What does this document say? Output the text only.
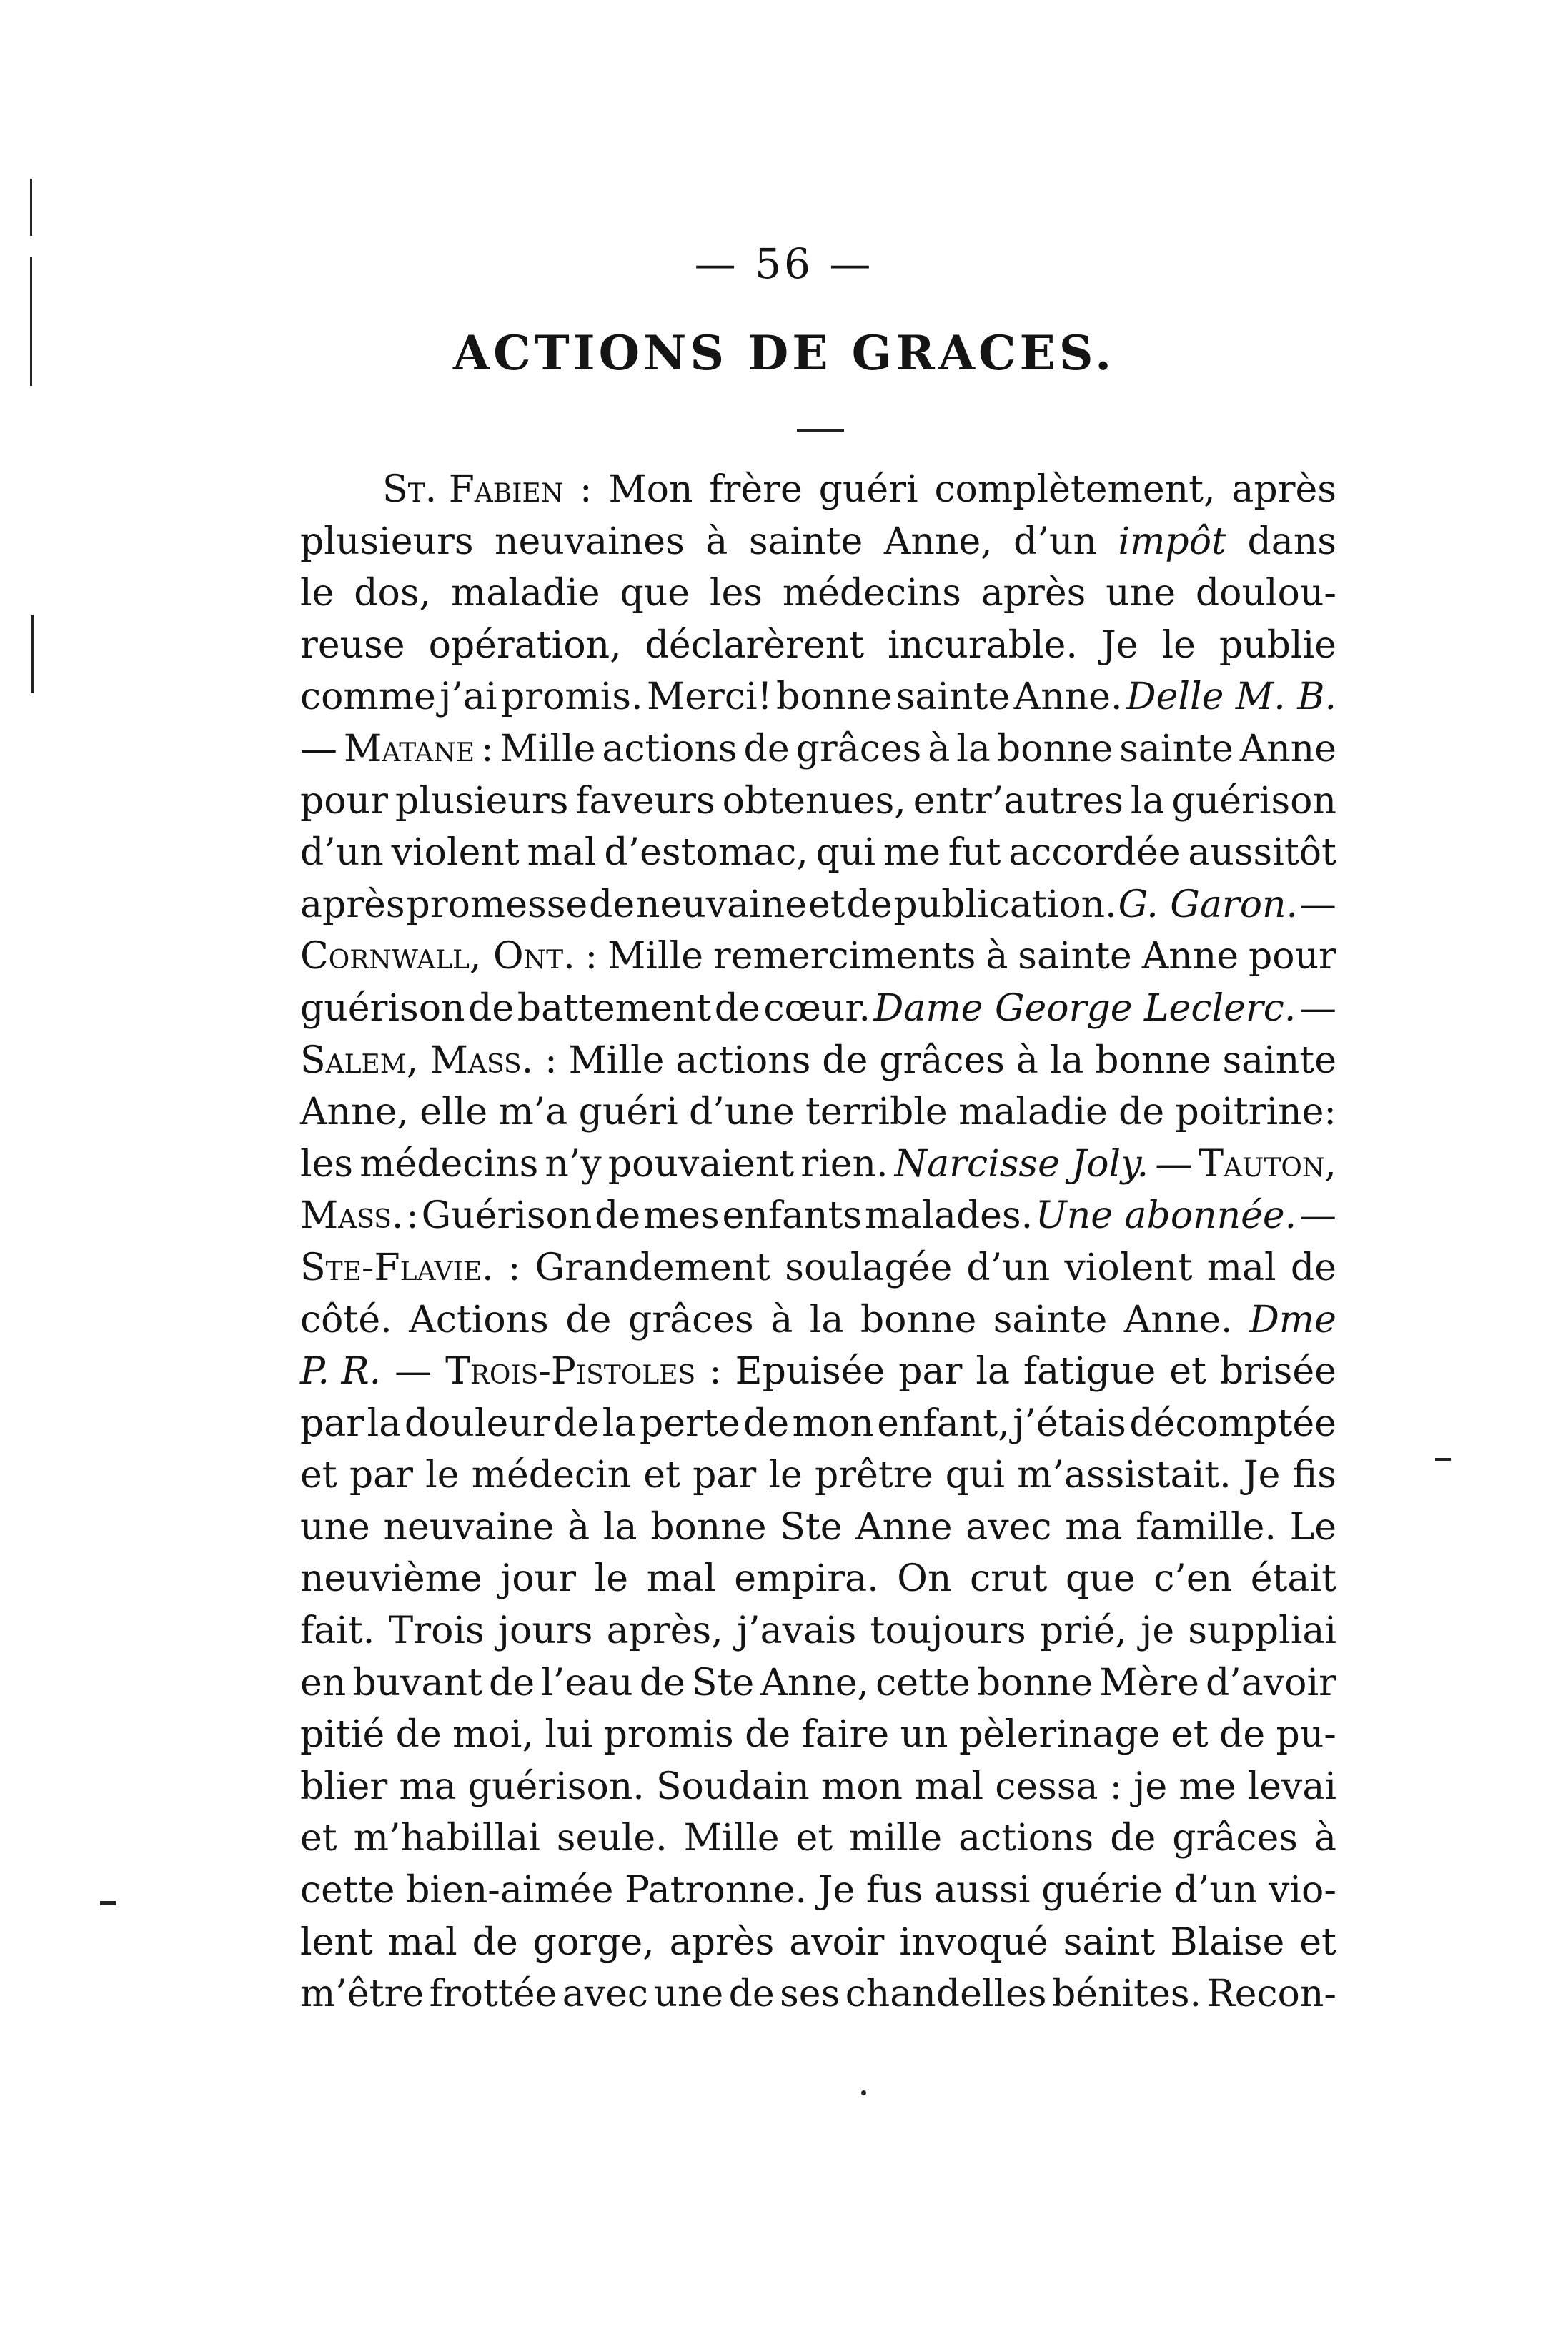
— 56 —
ACTIONS DE GRACES.
St. Fabien : Mon frère guéri complètement, après
plusieurs neuvaines à sainte Anne, d’un impôt dans
le dos, maladie que les médecins après une doulou-
reuse opération, déclarèrent incurable. Je le publie
comme j’ai promis. Merci! bonne sainte Anne. Delle M. B.
— Matane : Mille actions de grâces à la bonne sainte Anne
pour plusieurs faveurs obtenues, entr’autres la guérison
d’un violent mal d’estomac, qui me fut accordée aussitôt
après promesse de neuvaine et de publication. G. Garon. —
Cornwall, Ont. : Mille remerciments à sainte Anne pour
guérison de battement de cœur. Dame George Leclerc. —
Salem, Mass. : Mille actions de grâces à la bonne sainte
Anne, elle m’a guéri d’une terrible maladie de poitrine:
les médecins n’y pouvaient rien. Narcisse Joly. — Tauton,
Mass. : Guérison de mes enfants malades. Une abonnée. —
Ste-Flavie. : Grandement soulagée d’un violent mal de
côté. Actions de grâces à la bonne sainte Anne. Dme
P. R. — Trois-Pistoles : Epuisée par la fatigue et brisée
par la douleur de la perte de mon enfant, j’étais décomptée
et par le médecin et par le prêtre qui m’assistait. Je fis
une neuvaine à la bonne Ste Anne avec ma famille. Le
neuvième jour le mal empira. On crut que c’en était
fait. Trois jours après, j’avais toujours prié, je suppliai
en buvant de l’eau de Ste Anne, cette bonne Mère d’avoir
pitié de moi, lui promis de faire un pèlerinage et de pu-
blier ma guérison. Soudain mon mal cessa : je me levai
et m’habillai seule. Mille et mille actions de grâces à
cette bien-aimée Patronne. Je fus aussi guérie d’un vio-
lent mal de gorge, après avoir invoqué saint Blaise et
m’être frottée avec une de ses chandelles bénites. Recon-
